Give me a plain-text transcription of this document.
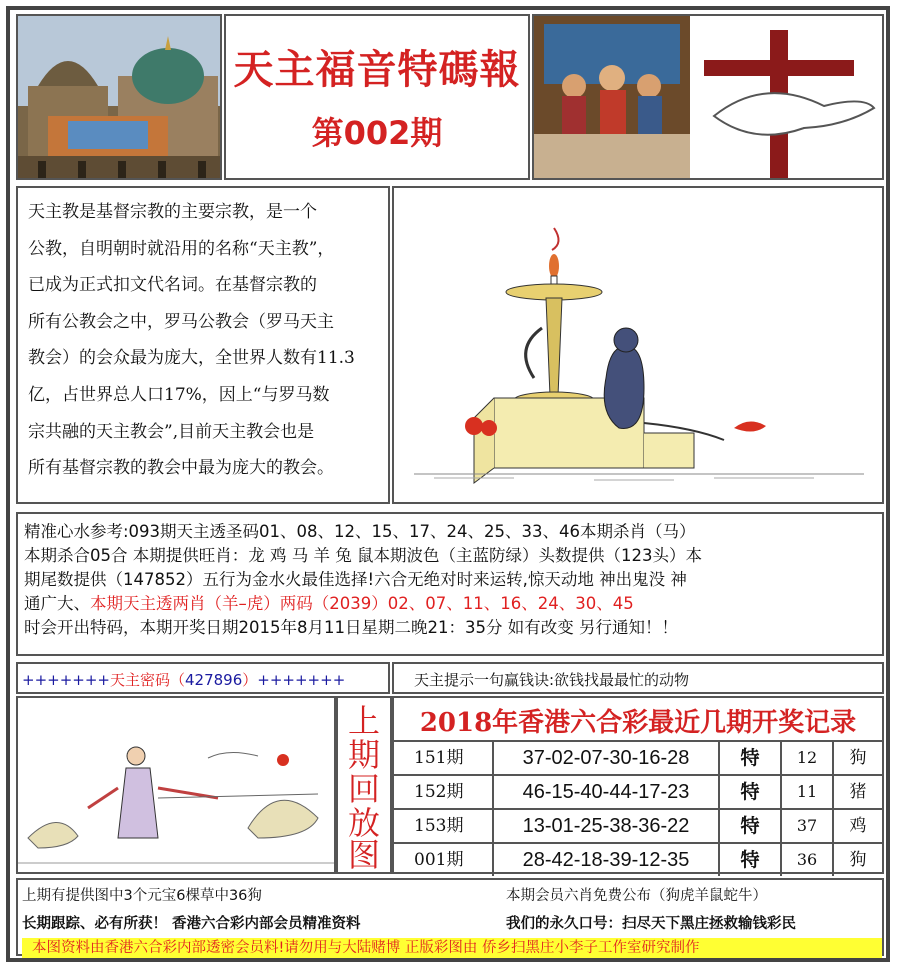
天主福音特碼報
第002期
天主教是基督宗教的主要宗教，是一个
公教，自明朝时就沿用的名称“天主教”，
已成为正式扣文代名词。在基督宗教的
所有公教会之中，罗马公教会（罗马天主
教会）的会众最为庞大，全世界人数有11.3
亿，占世界总人口17%，因上“与罗马数
宗共融的天主教会”,目前天主教会也是
所有基督宗教的教会中最为庞大的教会。
精准心水参考:093期天主透圣码01、08、12、15、17、24、25、33、46本期杀肖（马）
本期杀合05合 本期提供旺肖：龙 鸡 马 羊 兔 鼠本期波色（主蓝防绿）头数提供（123头）本
期尾数提供（147852）五行为金水火最佳选择!六合无绝对时来运转,惊天动地 神出鬼没 神
通广大、本期天主透两肖（羊–虎）两码（2039）02、07、11、16、24、30、45
时会开出特码，本期开奖日期2015年8月11日星期二晚21：35分 如有改变 另行通知！！
+++++++天主密码（427896）+++++++	天主提示一句赢钱诀:欲钱找最最忙的动物
上
期
回
放
图
2018年香港六合彩最近几期开奖记录
151期	37-02-07-30-16-28	特	12	狗
152期	46-15-40-44-17-23	特	11	猪
153期	13-01-25-38-36-22	特	37	鸡
001期	28-42-18-39-12-35	特	36	狗
上期有提供图中3个元宝6棵草中36狗	本期会员六肖免费公布（狗虎羊鼠蛇牛）
长期跟踪、必有所获！ 香港六合彩内部会员精准资料	我们的永久口号：扫尽天下黑庄拯救输钱彩民
本图资料由香港六合彩内部透密会员料!请勿用与大陆赌博 正版彩图由 侨乡扫黑庄小李子工作室研究制作
